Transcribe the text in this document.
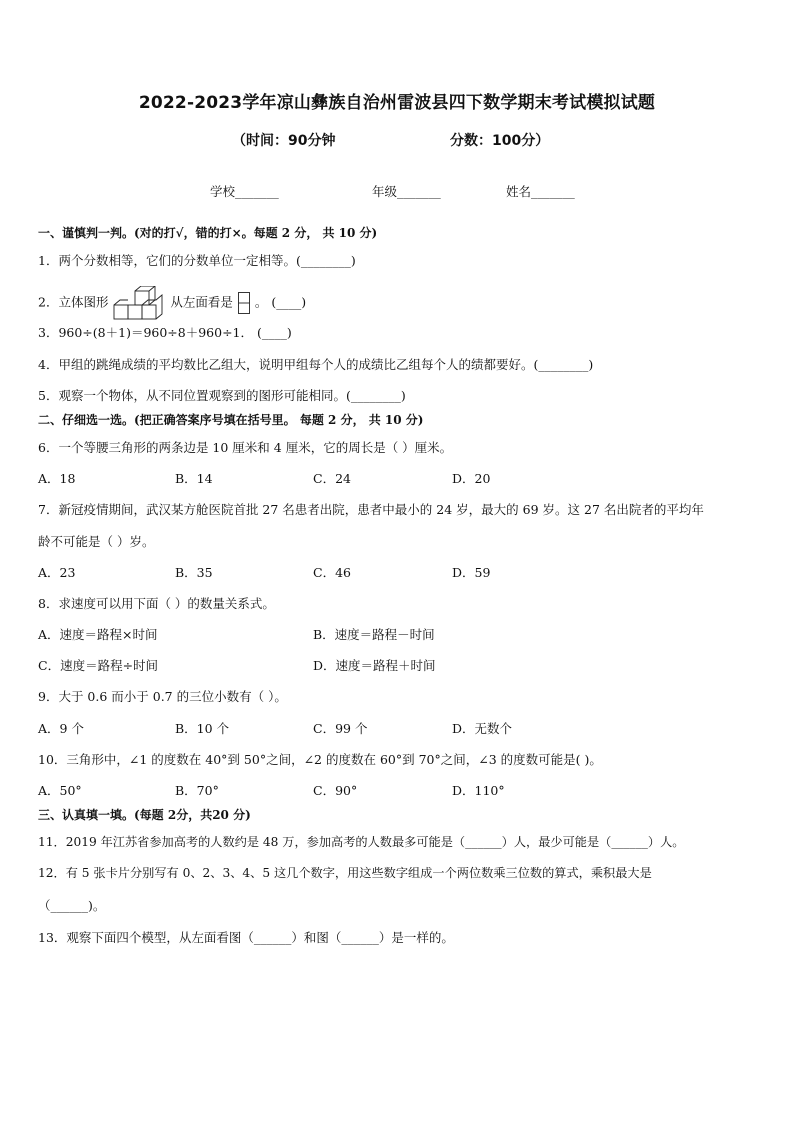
2022-2023学年凉山彝族自治州雷波县四下数学期末考试模拟试题
（时间：90分钟	分数：100分）
学校_______	年级_______	姓名_______
一、谨慎判一判。(对的打√，错的打×。每题 2 分， 共 10 分)
1．两个分数相等，它们的分数单位一定相等。(________)
2．立体图形	从左面看是 。 (____)
3．960÷(8＋1)＝960÷8＋960÷1． (____)
4．甲组的跳绳成绩的平均数比乙组大，说明甲组每个人的成绩比乙组每个人的绩都要好。(________)
5．观察一个物体，从不同位置观察到的图形可能相同。(________)
二、仔细选一选。(把正确答案序号填在括号里。 每题 2 分， 共 10 分)
6．一个等腰三角形的两条边是 10 厘米和 4 厘米，它的周长是（ ）厘米。
A．18	B．14	C．24	D．20
7．新冠疫情期间，武汉某方舱医院首批 27 名患者出院，患者中最小的 24 岁，最大的 69 岁。这 27 名出院者的平均年
龄不可能是（ ）岁。
A．23	B．35	C．46	D．59
8．求速度可以用下面（ ）的数量关系式。
A．速度＝路程×时间	B．速度＝路程－时间
C．速度＝路程÷时间	D．速度＝路程＋时间
9．大于 0.6 而小于 0.7 的三位小数有（ ）。
A．9 个	B．10 个	C．99 个	D．无数个
10．三角形中，∠1 的度数在 40°到 50°之间，∠2 的度数在 60°到 70°之间，∠3 的度数可能是( )。
A．50°	B．70°	C．90°	D．110°
三、认真填一填。(每题 2分，共20 分)
11．2019 年江苏省参加高考的人数约是 48 万，参加高考的人数最多可能是（______）人，最少可能是（______）人。
12．有 5 张卡片分别写有 0、2、3、4、5 这几个数字，用这些数字组成一个两位数乘三位数的算式，乘积最大是
（______)。
13．观察下面四个模型，从左面看图（______）和图（______）是一样的。
